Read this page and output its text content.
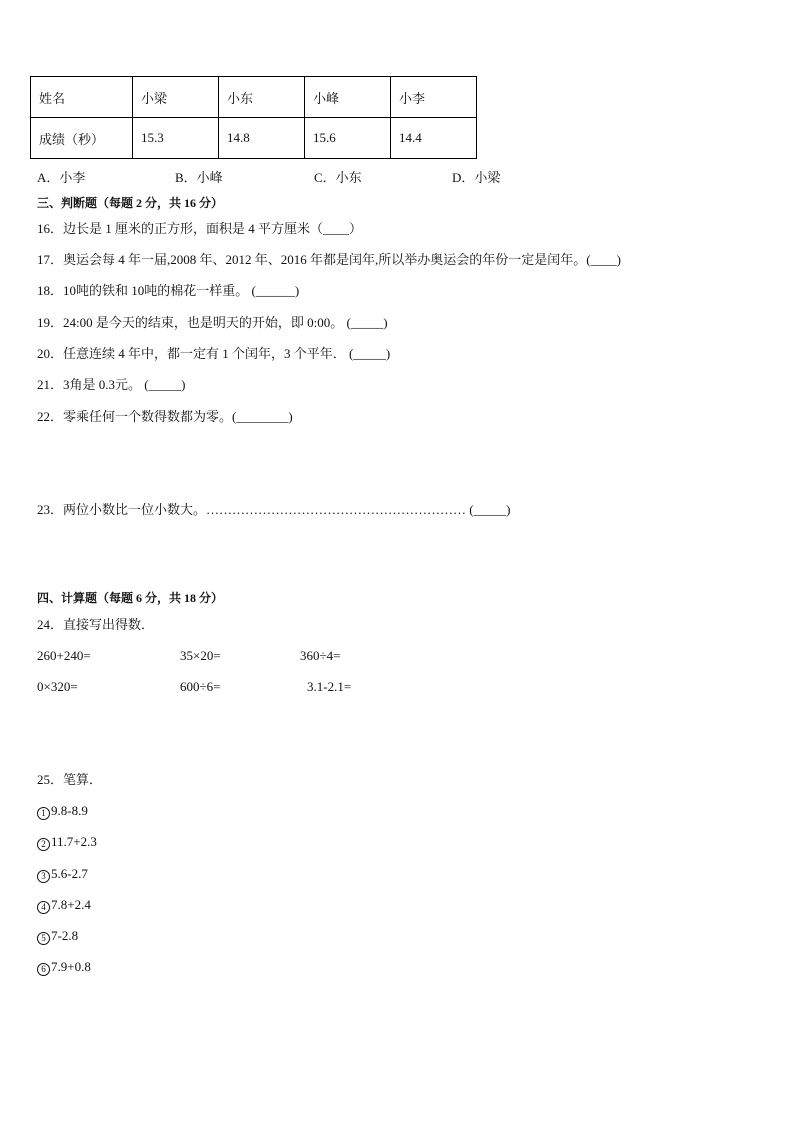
姓名	小梁	小东	小峰	小李
成绩（秒）	15.3	14.8	15.6	14.4
A．小李	B．小峰	C．小东	D．小梁
三、判断题（每题 2 分，共 16 分）
16．边长是 1 厘米的正方形，面积是 4 平方厘米（____）
17．奥运会每 4 年一届,2008 年、2012 年、2016 年都是闰年,所以举办奥运会的年份一定是闰年。(____)
18．10吨的铁和 10吨的棉花一样重。 (______)
19．24:00 是今天的结束，也是明天的开始，即 0:00。 (_____)
20．任意连续 4 年中，都一定有 1 个闰年，3 个平年． (_____)
21．3角是 0.3元。 (_____)
22．零乘任何一个数得数都为零。(________)
23．两位小数比一位小数大。…………………………………………………… (_____)
四、计算题（每题 6 分，共 18 分）
24．直接写出得数．
260+240=	35×20=	360÷4=
0×320=	600÷6=	3.1-2.1=
25．笔算．
1 9.8-8.9
2 11.7+2.3
3 5.6-2.7
4 7.8+2.4
5 7-2.8
6 7.9+0.8
